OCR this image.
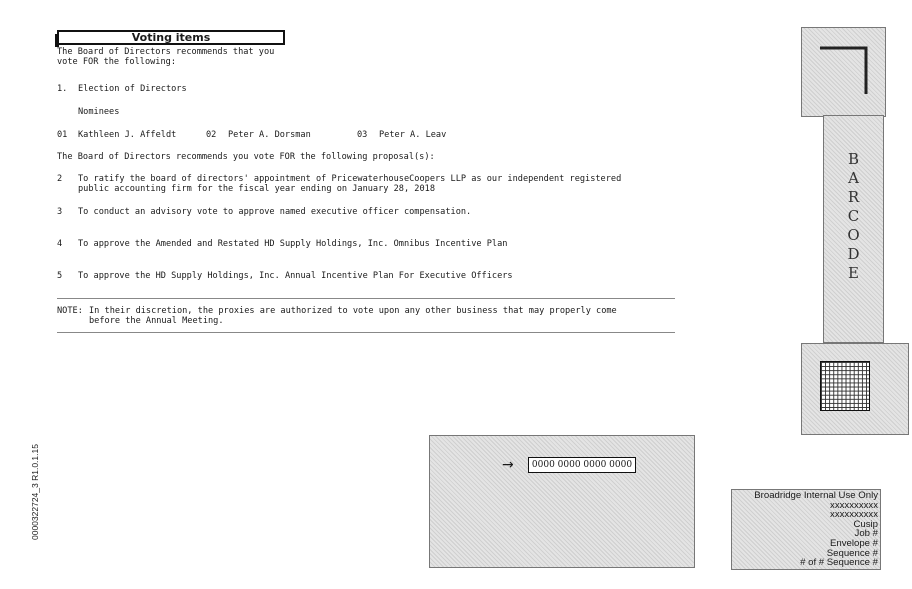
Voting items
The Board of Directors recommends that you
vote FOR the following:
1. Election of Directors
Nominees
01 Kathleen J. Affeldt	02 Peter A. Dorsman	03 Peter A. Leav
The Board of Directors recommends you vote FOR the following proposal(s):
2 To ratify the board of directors' appointment of PricewaterhouseCoopers LLP as our independent registered
public accounting firm for the fiscal year ending on January 28, 2018
3 To conduct an advisory vote to approve named executive officer compensation.
4 To approve the Amended and Restated HD Supply Holdings, Inc. Omnibus Incentive Plan
5 To approve the HD Supply Holdings, Inc. Annual Incentive Plan For Executive Officers
NOTE: In their discretion, the proxies are authorized to vote upon any other business that may properly come
before the Annual Meeting.
0000322724_3 R1.0.1.15
B
A
R
C
O
D
E
→	0000 0000 0000 0000
Broadridge Internal Use Only
xxxxxxxxxx
xxxxxxxxxx
Cusip
Job #
Envelope #
Sequence #
# of # Sequence #
